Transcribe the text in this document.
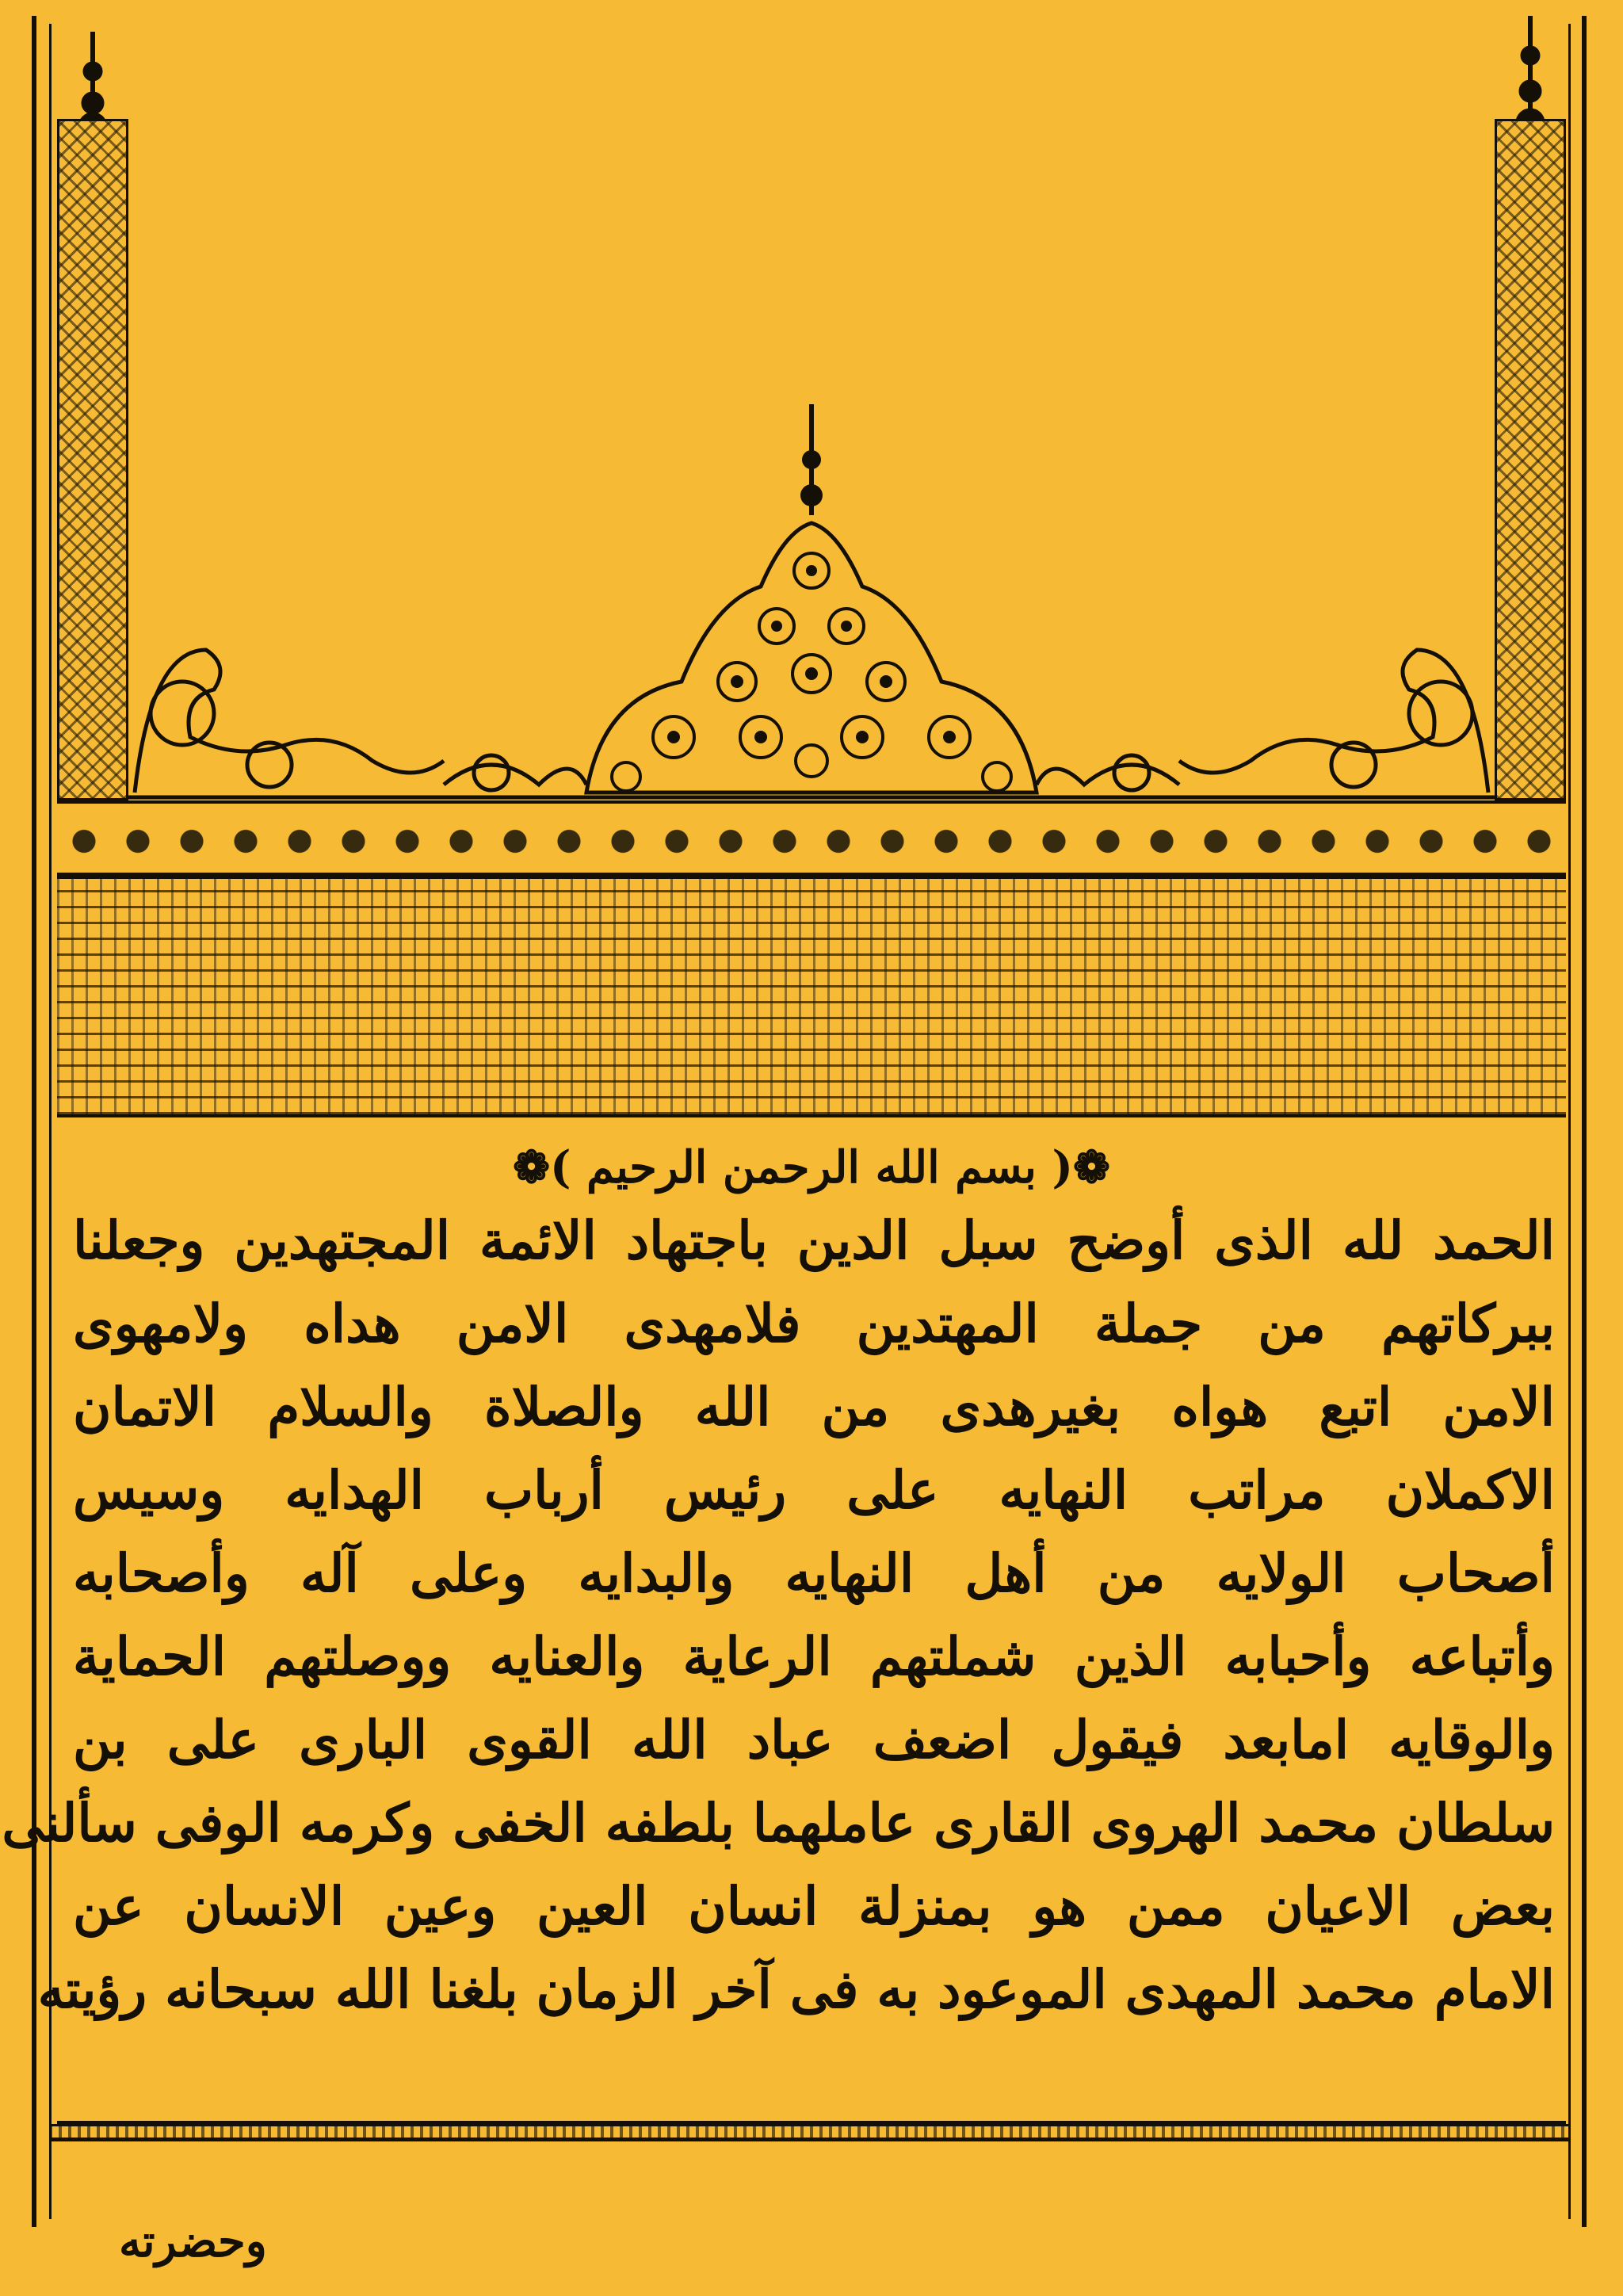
❁( بسم الله الرحمن الرحيم )❁
الحمد لله الذى أوضح سبل الدين باجتهاد الائمة المجتهدين وجعلنا
ببركاتهم من جملة المهتدين فلامهدى الامن هداه ولامهوى
الامن اتبع هواه بغيرهدى من الله والصلاة والسلام الاتمان
الاكملان مراتب النهايه على رئيس أرباب الهدايه وسيس
أصحاب الولايه من أهل النهايه والبدايه وعلى آله وأصحابه
وأتباعه وأحبابه الذين شملتهم الرعاية والعنايه ووصلتهم الحماية
والوقايه امابعد فيقول اضعف عباد الله القوى البارى على بن
سلطان محمد الهروى القارى عاملهما بلطفه الخفى وكرمه الوفى سألنى
بعض الاعيان ممن هو بمنزلة انسان العين وعين الانسان عن
الامام محمد المهدى الموعود به فى آخر الزمان بلغنا الله سبحانه رؤيته
وحضرته
